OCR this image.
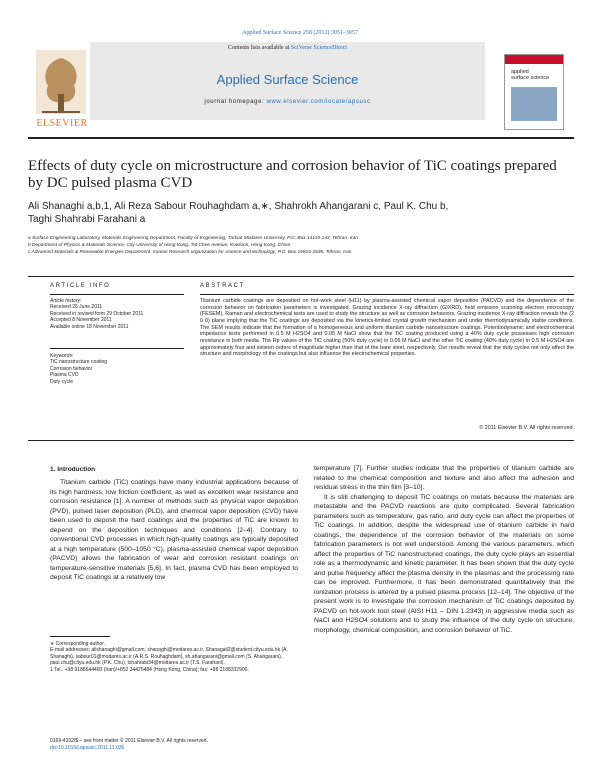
Applied Surface Science 258 (2012) 3051–3057
ELSEVIER
Contents lists available at SciVerse ScienceDirect
Applied Surface Science
journal homepage: www.elsevier.com/locate/apsusc
applied
surface science
Effects of duty cycle on microstructure and corrosion behavior of TiC coatings prepared by DC pulsed plasma CVD
Ali Shanaghi a,b,1, Ali Reza Sabour Rouhaghdam a,∗, Shahrokh Ahangarani c, Paul K. Chu b,
Taghi Shahrabi Farahani a
a Surface Engineering Laboratory, Materials Engineering Department, Faculty of Engineering, Tarbiat Modares University, P.O. Box 14115-143, Tehran, Iran
b Department of Physics & Materials Science, City University of Hong Kong, Tat Chee Avenue, Kowloon, Hong Kong, China
c Advanced Materials & Renewable Energies Department, Iranian Research organization for science and technology, P.O. Box 15815-3538, Tehran, Iran
ARTICLE INFO	ABSTRACT
Article history:
Received 26 June 2011
Received in revised form 29 October 2011
Accepted 8 November 2011
Available online 18 November 2011
Keywords:
TiC nanostructure coating
Corrosion behavior
Plasma CVD
Duty cycle
Titanium carbide coatings are deposited on hot-work steel (H11) by plasma-assisted chemical vapor deposition (PACVD) and the dependence of the corrosion behavior on fabrication parameters is investigated. Grazing incidence X-ray diffraction (GIXRD), field emission scanning electron microscopy (FESEM), Raman and electrochemical tests are used to study the structure as well as corrosion behaviors. Grazing incidence X-ray diffraction reveals the (2 0 0) plane implying that the TiC coatings are deposited via the kinetics-limited crystal growth mechanism and under thermodynamically stable conditions. The SEM results indicate that the formation of a homogeneous and uniform titanium carbide nanostructure coatings. Potentiodynamic and electrochemical impedance tests performed in 0.5 M H2SO4 and 0.05 M NaCl show that the TiC coating produced using a 40% duty cycle possesses high corrosion resistance in both media. The Rp values of the TiC coating (50% duty cycle) in 0.05 M NaCl and the other TiC coating (40% duty cycle) in 0.5 M H2SO4 are approximately four and sixteen orders of magnitude higher than that of the bare steel, respectively. Our results reveal that the duty cycles not only affect the structure and morphology of the coatings but also influence the electrochemical properties.
© 2011 Elsevier B.V. All rights reserved.
1. Introduction

Titanium carbide (TiC) coatings have many industrial applications because of its high hardness, low friction coefficient, as well as excellent wear resistance and corrosion resistance [1]. A number of methods such as physical vapor deposition (PVD), pulsed laser deposition (PLD), and chemical vapor deposition (CVD) have been used to deposit the hard coatings and the properties of TiC are known to depend on the deposition techniques and conditions [2–4]. Contrary to conventional CVD processes in which high-quality coatings are typically deposited at a high temperature (500–1050 °C), plasma-assisted chemical vapor deposition (PACVD) allows the fabrication of wear and corrosion resistant coatings on temperature-sensitive materials [5,6]. In fact, plasma CVD has been employed to deposit TiC coatings at a relatively low

temperature [7]. Further studies indicate that the properties of titanium carbide are related to the chemical composition and texture and also affect the adhesion and residual stress in the thin film [3–10].

It is still challenging to deposit TiC coatings on metals because the materials are metastable and the PACVD reactions are quite complicated. Several fabrication parameters such as temperature, gas ratio, and duty cycle can affect the properties of TiC coatings. In addition, despite the widespread use of titanium carbide in hard coatings, the dependence of the corrosion behavior of the materials on some fabrication parameters is not well understood. Among the various parameters, which affect the properties of TiC nanostructured coatings, the duty cycle plays an essential role as a thermodynamic and kinetic parameter. It has been shown that the duty cycle and pulse frequency affect the plasma density in the plasmas and the processing rate can be improved. Furthermore, it has been demonstrated quantitatively that the ionization process is altered by a pulsed plasma process [12–14]. The objective of the present work is to investigate the corrosion mechanism of TiC coatings deposited by PACVD on hot-work tool steel (AISI H11 – DIN 1.2343) in aggressive media such as NaCl and H2SO4 solutions and to study the influence of the duty cycle on structure, morphology, chemical composition, and corrosion behavior of TiC.

∗ Corresponding author.
E-mail addresses: alishanaghi@gmail.com, shanaghi@modares.ac.ir, Shanagali2@student.cityu.edu.hk (A. Shanaghi), sabour01@modares.ac.ir (A.R.S. Rouhaghdam), sh.ahangarani@gmail.com (S. Ahangarani), paul.chu@cityu.edu.hk (P.K. Chu), tshahrabi34@modares.ac.ir (T.S. Farahani).
1 Tel.: +98 9188644460 (Iran)/+852 34425484 (Hong Kong, China); fax: +98 2188332900.
0169-4332/$ – see front matter © 2011 Elsevier B.V. All rights reserved.
doi:10.1016/j.apsusc.2011.11.036
